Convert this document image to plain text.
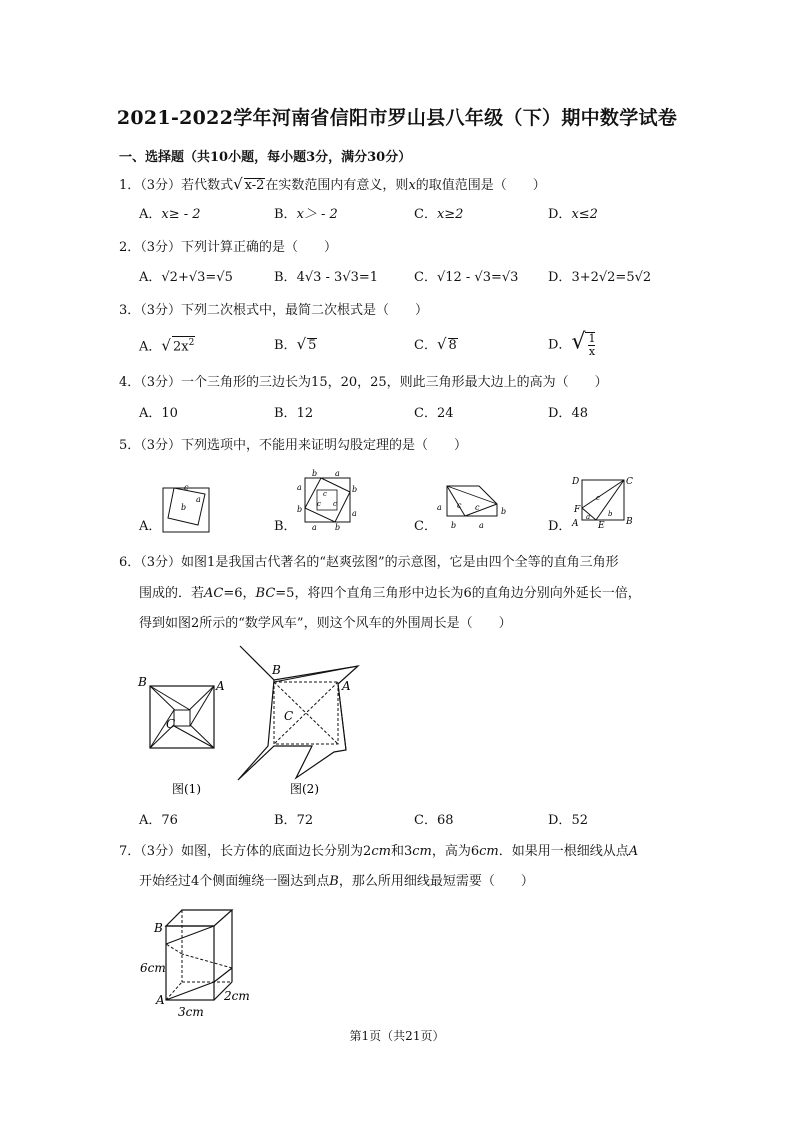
2021-2022学年河南省信阳市罗山县八年级（下）期中数学试卷
一、选择题（共10小题，每小题3分，满分30分）
1．（3分）若代数式√ x-2在实数范围内有意义，则x的取值范围是（　　）
A．x≥ - 2	B．x＞ - 2	C．x≥2	D．x≤2
2．（3分）下列计算正确的是（　　）
A．√2+√3=√5	B．4√3 - 3√3=1	C．√12 - √3=√3 D．3+2√2=5√2
3．（3分）下列二次根式中，最简二次根式是（　　）
A．√ $2x^2$	B．√ 5	C．√ 8	D．√ $\frac{1}{x}$
4．（3分）一个三角形的三边长为15，20，25，则此三角形最大边上的高为（　　）
A．10	B．12	C．24	D．48
5．（3分）下列选项中，不能用来证明勾股定理的是（　　）
A．	B．	C．	D．
c
a
b
b a
a
b
b
a
a b
c
c
c	a	b
c c
b	a
D	C
F
A E B
c
a	b
6．（3分）如图1是我国古代著名的“赵爽弦图”的示意图，它是由四个全等的直角三角形
围成的．若AC=6，BC=5，将四个直角三角形中边长为6的直角边分别向外延长一倍，
得到如图2所示的“数学风车”，则这个风车的外围周长是（　　）
B	A
C
图(1)
B
A
C
图(2)
A．76	B．72	C．68	D．52
7．（3分）如图，长方体的底面边长分别为2cm和3cm，高为6cm．如果用一根细线从点A
开始经过4个侧面缠绕一圈达到点B，那么所用细线最短需要（　　）
B
A
6cm
3cm
2cm
第1页（共21页）
